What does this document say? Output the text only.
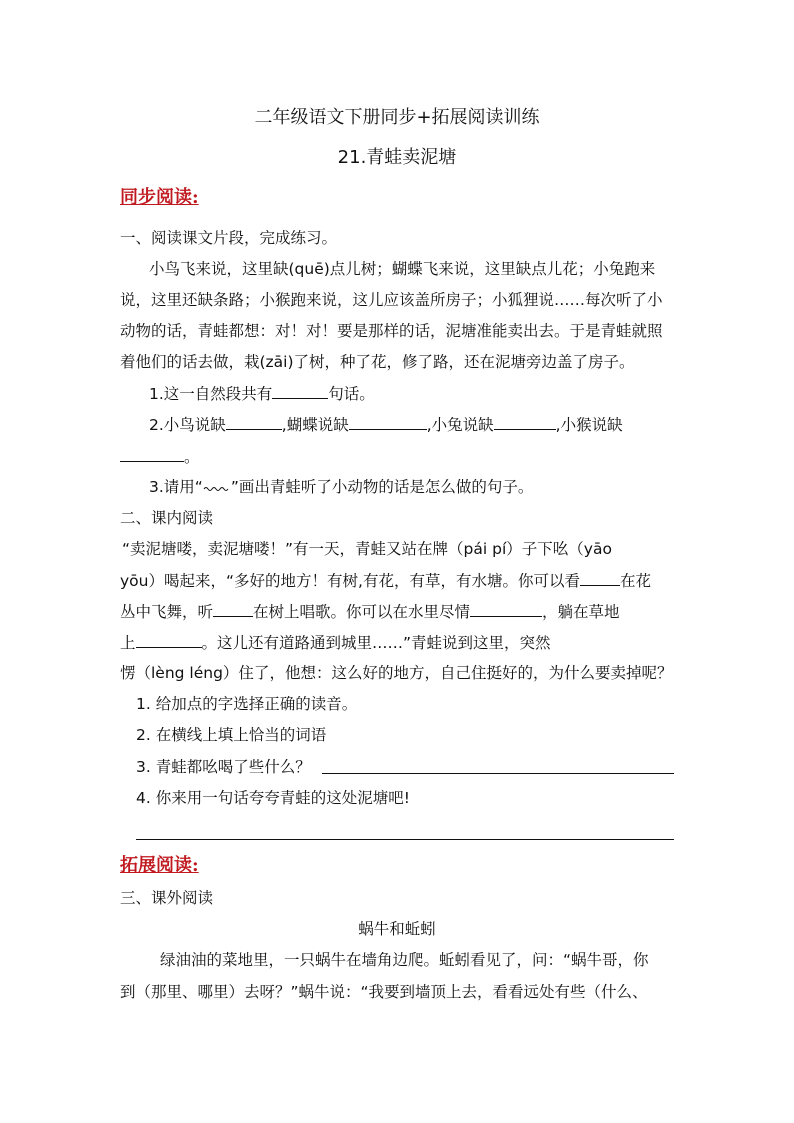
二年级语文下册同步+拓展阅读训练
21.青蛙卖泥塘
同步阅读:
一、阅读课文片段，完成练习。
小鸟飞来说，这里缺(quē)点儿树；蝴蝶飞来说，这里缺点儿花；小兔跑来
说，这里还缺条路；小猴跑来说，这儿应该盖所房子；小狐狸说……每次听了小
动物的话，青蛙都想：对！对！要是那样的话，泥塘准能卖出去。于是青蛙就照
着他们的话去做，栽(zāi)了树，种了花，修了路，还在泥塘旁边盖了房子。
1.这一自然段共有	句话。
2.小鸟说缺	,蝴蝶说缺	,小兔说缺	,小猴说缺
。
3.请用“ ”画出青蛙听了小动物的话是怎么做的句子。
二、课内阅读
“卖泥塘喽，卖泥塘喽！”有一天，青蛙又站在牌（pái pí）子下吆（yāo
yōu）喝起来，“多好的地方！有树,有花，有草，有水塘。你可以看	在花
丛中飞舞，听	在树上唱歌。你可以在水里尽情	，躺在草地
上	。这儿还有道路通到城里……”青蛙说到这里，突然
愣（lèng léng）住了，他想：这么好的地方，自己住挺好的，为什么要卖掉呢？
1. 给加点的字选择正确的读音。
2. 在横线上填上恰当的词语
3. 青蛙都吆喝了些什么？
4. 你来用一句话夸夸青蛙的这处泥塘吧!
拓展阅读:
三、课外阅读
蜗牛和蚯蚓
绿油油的菜地里，一只蜗牛在墙角边爬。蚯蚓看见了，问：“蜗牛哥，你
到（那里、哪里）去呀？”蜗牛说：“我要到墙顶上去，看看远处有些（什么、
